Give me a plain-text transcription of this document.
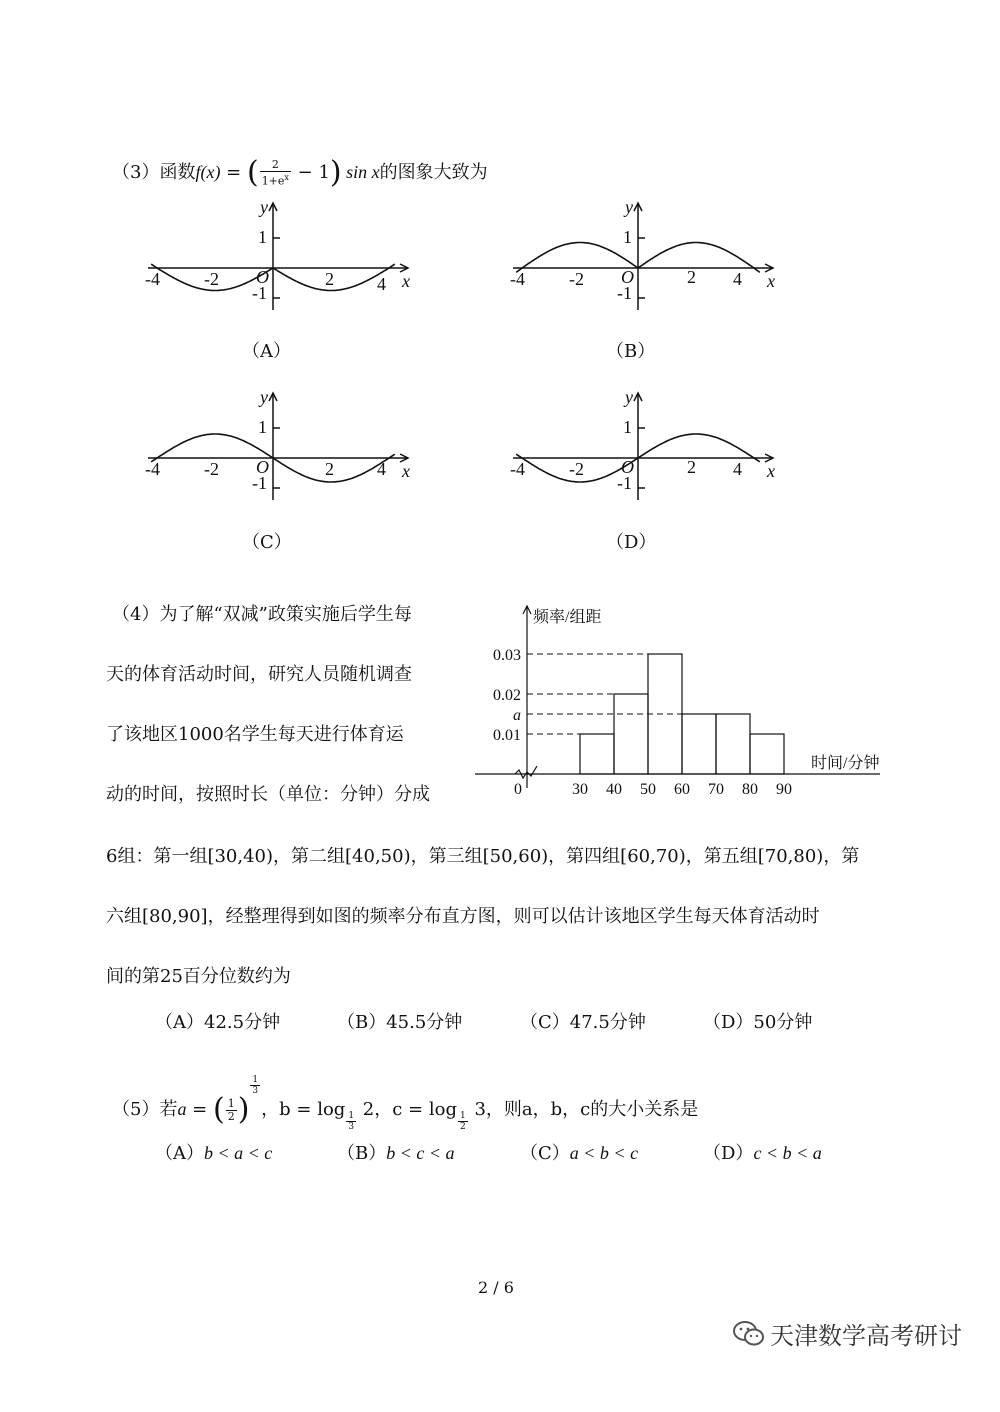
（3）函数f(x) = ( $\frac{2}{1+e^x} - 1$) sin x的图象大致为
-4 -2	2 4
1
-1
O
y
x	-4 -2	2 4
1
-1
O
y
x
-4 -2	2 4
1
-1
O
y
x	-4 -2	2 4
1
-1
O
y
x
（A）	（B）
（C）	（D）
（4）为了解“双减”政策实施后学生每
天的体育活动时间，研究人员随机调查
了该地区1000名学生每天进行体育运
动的时间，按照时长（单位：分钟）分成
6组：第一组[30,40)，第二组[40,50)，第三组[50,60)，第四组[60,70)，第五组[70,80)，第
六组[80,90]，经整理得到如图的频率分布直方图，则可以估计该地区学生每天体育活动时
间的第25百分位数约为
0	30 40 50 60 70 80 90
0.03
0.02
a
0.01
频率/组距
时间/分钟
（A）42.5分钟	（B）45.5分钟	（C）47.5分钟	（D）50分钟
（5）若a = ( $\frac{1}{2}$ )
$\frac{1}{3}$
，b = log
$\frac{1}{3}$
2，c = log
$\frac{1}{2}$
3，则a，b，c的大小关系是
（A）b < a < c	（B）b < c < a	（C）a < b < c	（D）c < b < a
2 / 6
天津数学高考研讨
